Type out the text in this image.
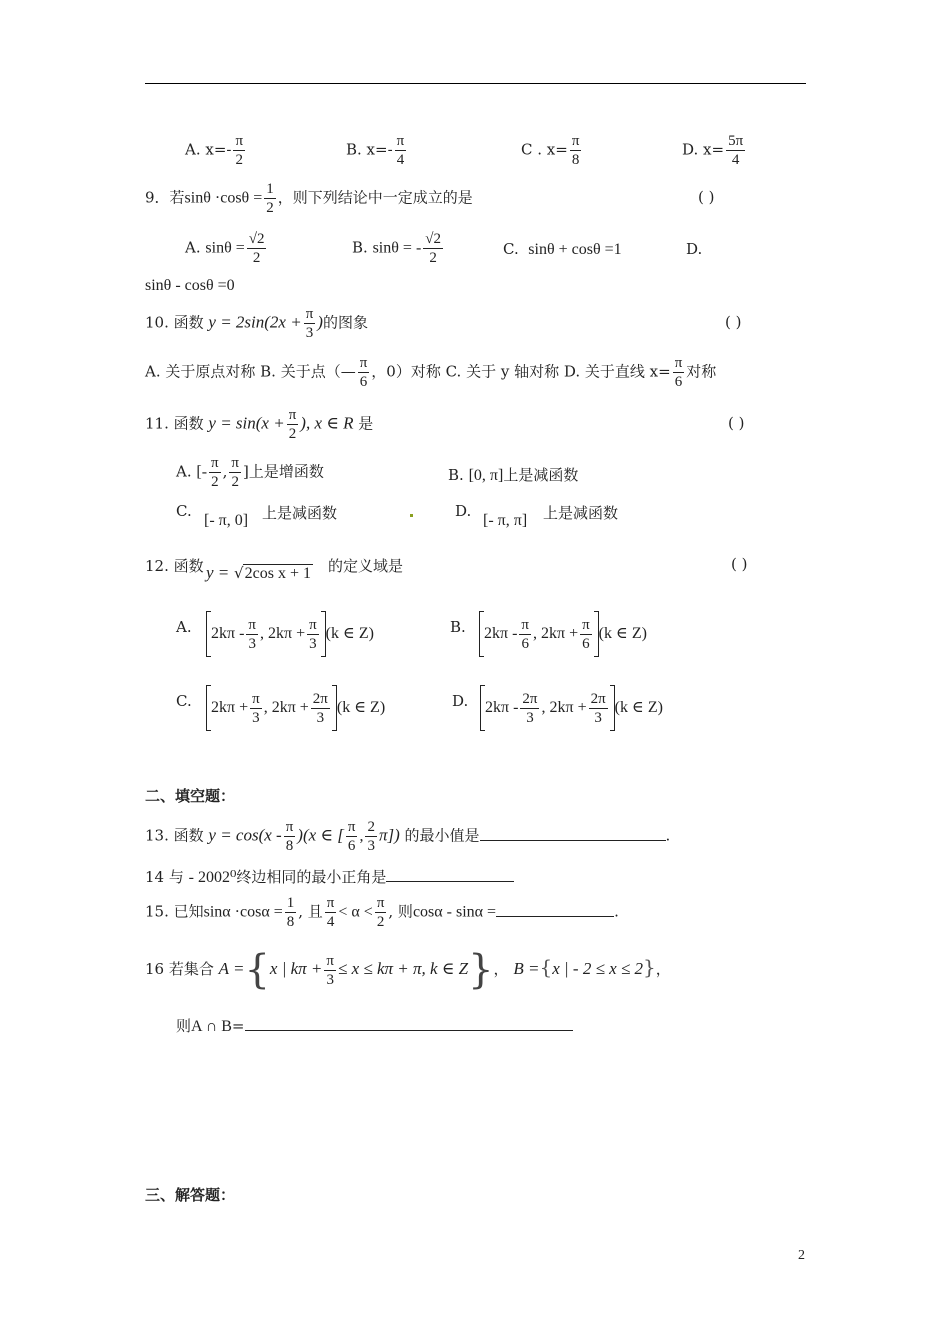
A. $x=- \frac{\pi}{2}$	B. $x=- \frac{\pi}{4}$	C . $x= \frac{\pi}{8}$	D. $x= \frac{5\pi}{4}$
9．若$\sin\theta \cdot\cos\theta = \frac{1}{2}$ ，则下列结论中一定成立的是	( )
A. $\sin\theta = \frac{√2}{2}$	B. sinθ = - $\frac{√2}{2}$	C. sinθ + cosθ =1	D.
sinθ - cosθ =0
10. 函数 $y = 2\sin(2x + \frac{\pi}{3}$ )的图象	( )
A. 关于原点对称 B. 关于点（— $\frac{\pi}{6}$ ，0）对称 C. 关于 y 轴对称 D. 关于直线 $x= \frac{\pi}{6}$ 对称
11. 函数 $y = \sin(x + \frac{\pi}{2}$ ), x ∈ R 是	( )
A. [- $\frac{\pi}{2}$ , $\frac{\pi}{2}$ ]上是增函数	B. [0, π]上是减函数
C.
[- π, 0] 上是减函数	D.
[- π, π] 上是减函数
12. 函数 y = √2cos x + 1 的定义域是	( )
A.	$2k\pi - \frac{\pi}{3}$ , $2k\pi + \frac{\pi}{3} (k$ ∈ Z)	B.	$2k\pi - \frac{\pi}{6}$ , $2k\pi + \frac{\pi}{6} (k$ ∈ Z)
C.	$2k\pi + \frac{\pi}{3}$ , $2k\pi + \frac{2\pi}{3} (k$ ∈ Z)	D.	$2k\pi - \frac{2\pi}{3}$ , $2k\pi + \frac{2\pi}{3} (k$ ∈ Z)
二、填空题：
13. 函数 $y = \cos(x - \frac{\pi}{8} )(x$ ∈ [ $\frac{\pi}{6}$ , $\frac{2}{3} \pi$]) 的最小值是	.
14 与 - 2002⁰终边相同的最小正角是
15. 已知$\sin\alpha \cdot\cos\alpha = \frac{1}{8}$ , 且 $\frac{\pi}{4} < \alpha < \frac{\pi}{2}$ , 则cosα - sinα =	.
16 若集合 A ={x | $k\pi + \frac{\pi}{3} \le x \le k\pi + \pi$, k ∈ Z}， B ={x | - 2 ≤ x ≤ 2}，
则A ∩ B=
三、解答题：
2
